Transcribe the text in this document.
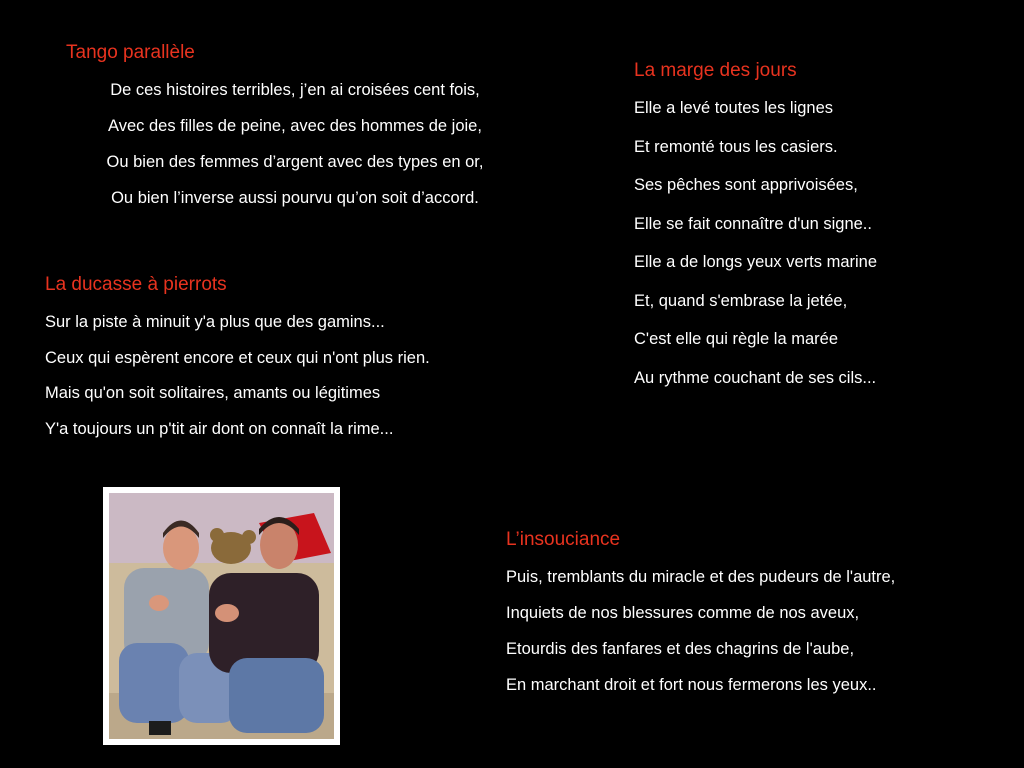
Tango parallèle

De ces histoires terribles, j’en ai croisées cent fois,

Avec des filles de peine, avec des hommes de joie,

Ou bien des femmes d’argent avec des types en or,

Ou bien l’inverse aussi pourvu qu’on soit d’accord.

La marge des jours

Elle a levé toutes les lignes

Et remonté tous les casiers.

Ses pêches sont apprivoisées,

Elle se fait connaître d'un signe..

Elle a de longs yeux verts marine

Et, quand s'embrase la jetée,

C'est elle qui règle la marée

Au rythme couchant de ses cils...

La ducasse à pierrots

Sur la piste à minuit y'a plus que des gamins...

Ceux qui espèrent encore et ceux qui n'ont plus rien.

Mais qu'on soit solitaires, amants ou légitimes

Y'a toujours un p'tit air dont on connaît la rime...

L’insouciance

Puis, tremblants du miracle et des pudeurs de l'autre,

Inquiets de nos blessures comme de nos aveux,

Etourdis des fanfares et des chagrins de l'aube,

En marchant droit et fort nous fermerons les yeux..
